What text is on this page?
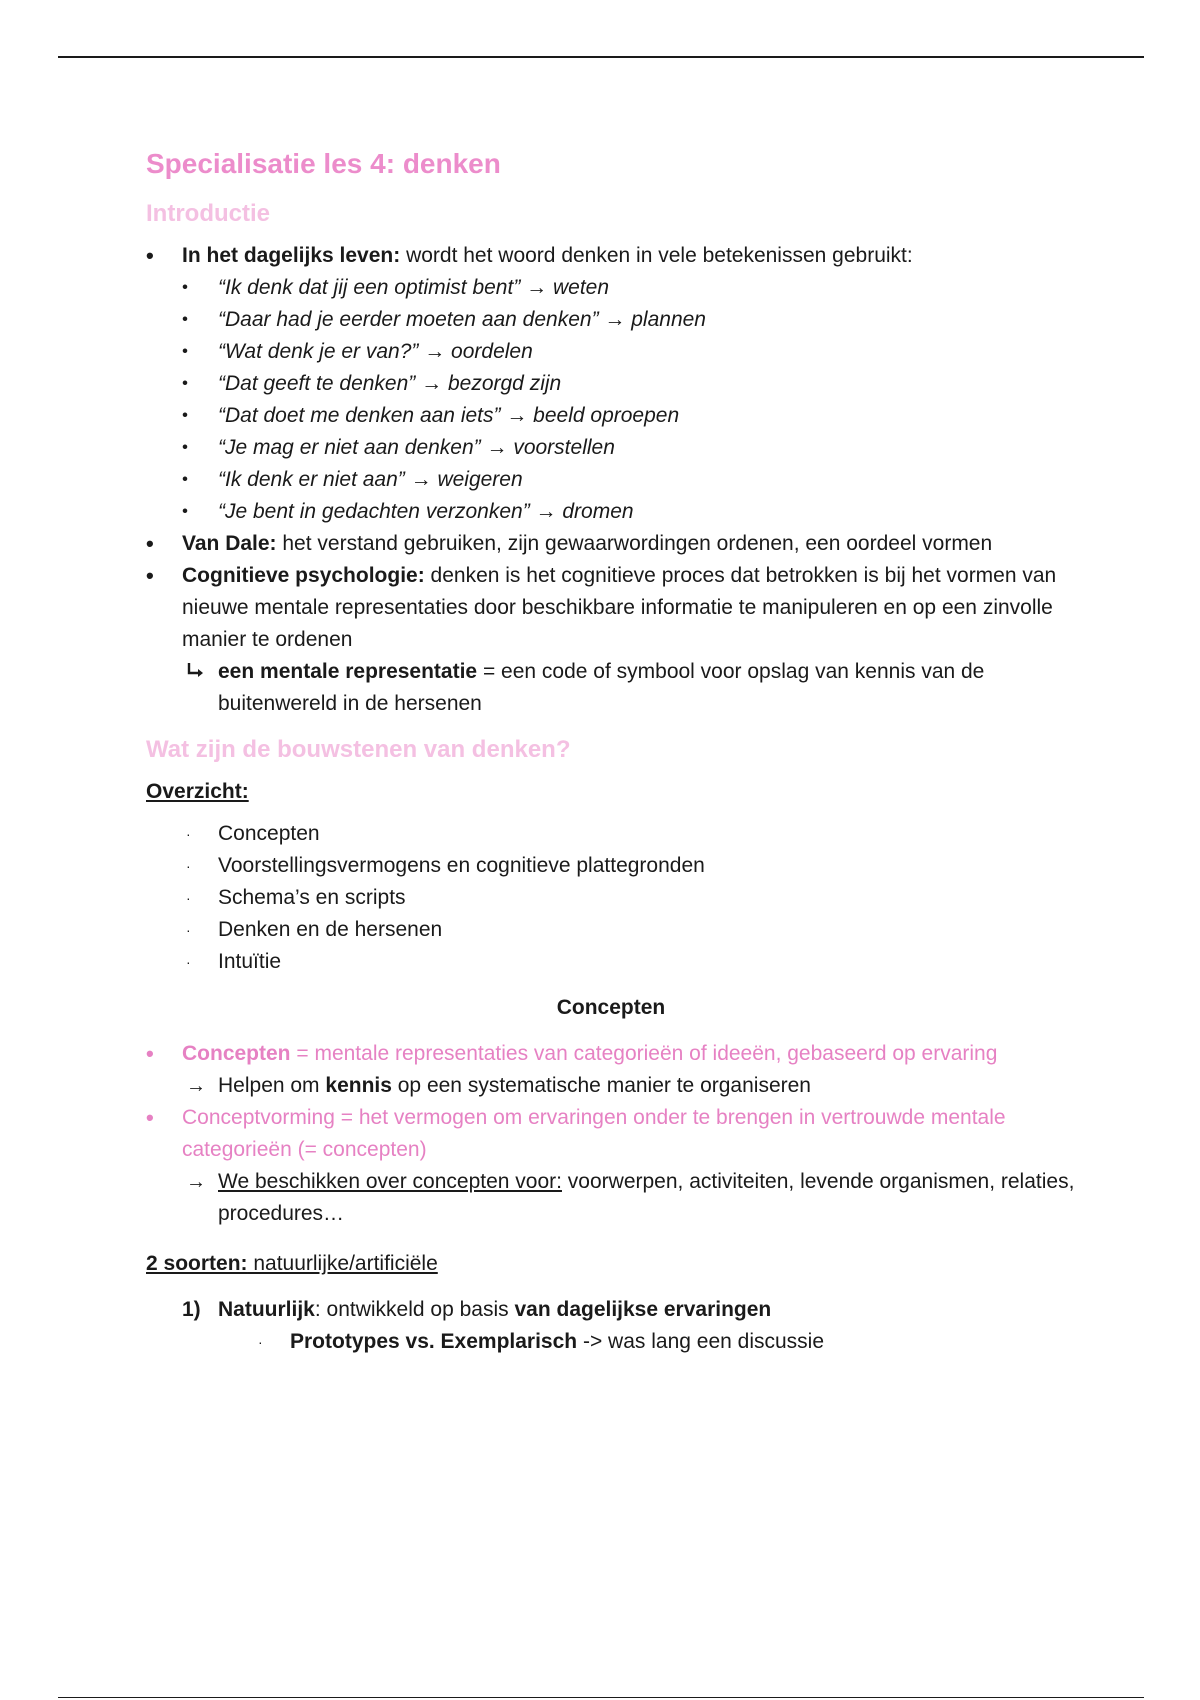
Specialisatie les 4: denken
Introductie
•	In het dagelijks leven: wordt het woord denken in vele betekenissen gebruikt:
•	“Ik denk dat jij een optimist bent” → weten
•	“Daar had je eerder moeten aan denken” → plannen
•	“Wat denk je er van?” → oordelen
•	“Dat geeft te denken” → bezorgd zijn
•	“Dat doet me denken aan iets” → beeld oproepen
•	“Je mag er niet aan denken” → voorstellen
•	“Ik denk er niet aan” → weigeren
•	“Je bent in gedachten verzonken” → dromen
•	Van Dale: het verstand gebruiken, zijn gewaarwordingen ordenen, een oordeel vormen
•	Cognitieve psychologie: denken is het cognitieve proces dat betrokken is bij het vormen van nieuwe mentale representaties door beschikbare informatie te manipuleren en op een zinvolle manier te ordenen
een mentale representatie = een code of symbool voor opslag van kennis van de buitenwereld in de hersenen
Wat zijn de bouwstenen van denken?
Overzicht:
· Concepten
· Voorstellingsvermogens en cognitieve plattegronden
· Schema’s en scripts
· Denken en de hersenen
· Intuïtie
Concepten
•	Concepten = mentale representaties van categorieën of ideeën, gebaseerd op ervaring
→ Helpen om kennis op een systematische manier te organiseren
•	Conceptvorming = het vermogen om ervaringen onder te brengen in vertrouwde mentale categorieën (= concepten)
→ We beschikken over concepten voor: voorwerpen, activiteiten, levende organismen, relaties, procedures…
2 soorten: natuurlijke/artificiële
1) Natuurlijk: ontwikkeld op basis van dagelijkse ervaringen
· Prototypes vs. Exemplarisch -> was lang een discussie
